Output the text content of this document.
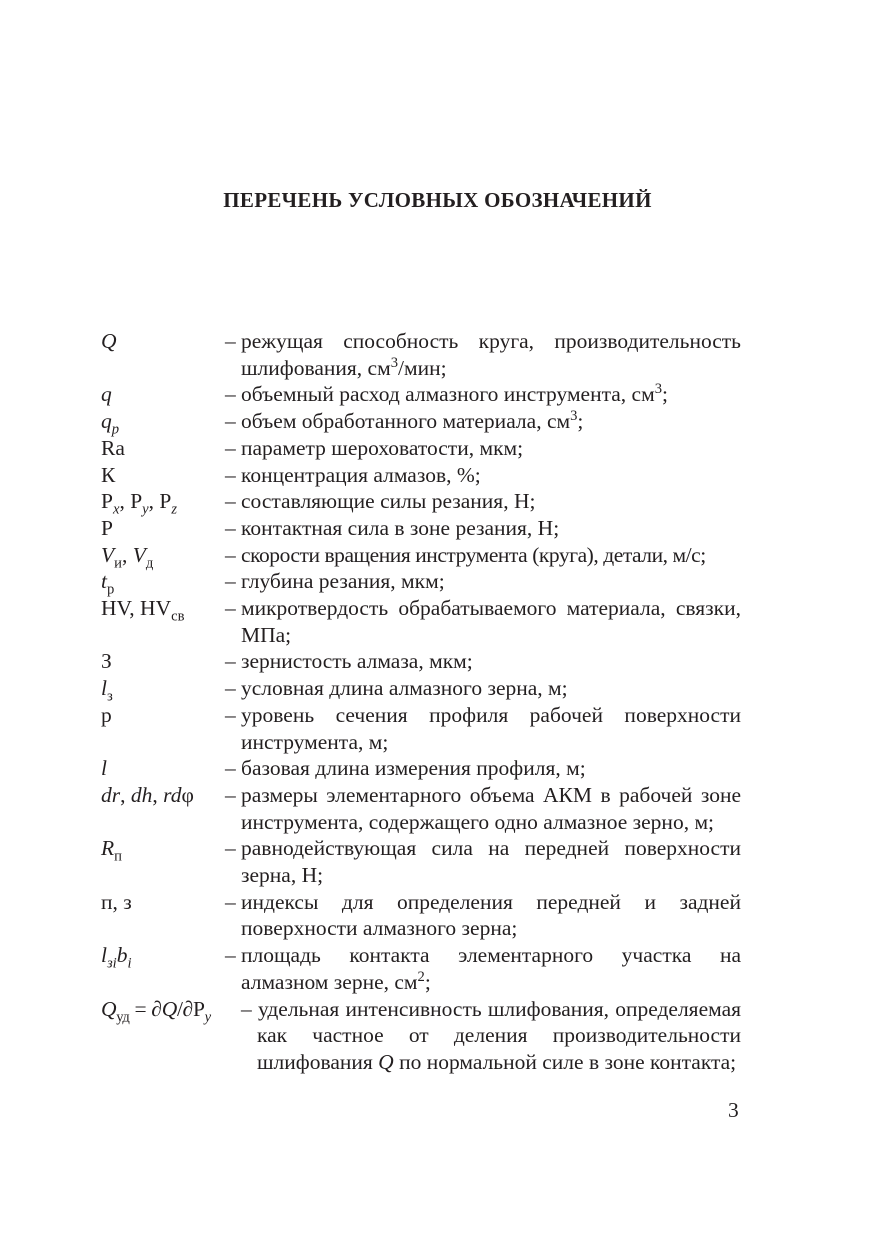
ПЕРЕЧЕНЬ УСЛОВНЫХ ОБОЗНАЧЕНИЙ
Q	– режущая способность круга, производительность шлифования, $см^3$/мин;
q	– объемный расход алмазного инструмента, $см^3$;
$q_p$	– объем обработанного материала, $см^3$;
Ra	– параметр шероховатости, мкм;
К	– концентрация алмазов, %;
$P_x$, $P_y$, $P_z$	– составляющие силы резания, Н;
P	– контактная сила в зоне резания, Н;
$V_и$, $V_д$	– скорости вращения инструмента (круга), детали, м/с;
$t_р$	– глубина резания, мкм;
HV, $HV_{св}$	– микротвердость обрабатываемого материала, связки, МПа;
З	– зернистость алмаза, мкм;
$l_з$	– условная длина алмазного зерна, м;
p	– уровень сечения профиля рабочей поверхности инструмента, м;
l	– базовая длина измерения профиля, м;
dr, dh, rdφ	– размеры элементарного объема АКМ в рабочей зоне инструмента, содержащего одно алмазное зерно, м;
$R_п$	– равнодействующая сила на передней поверхности зерна, Н;
п, з	– индексы для определения передней и задней поверхности алмазного зерна;
$l_{зi}b_i$	– площадь контакта элементарного участка на алмазном зерне, $см^2$;
$Q_{уд} = \partial Q/\partial P_y$	– удельная интенсивность шлифования, определяемая как частное от деления производительности шлифования Q по нормальной силе в зоне контакта;
3
